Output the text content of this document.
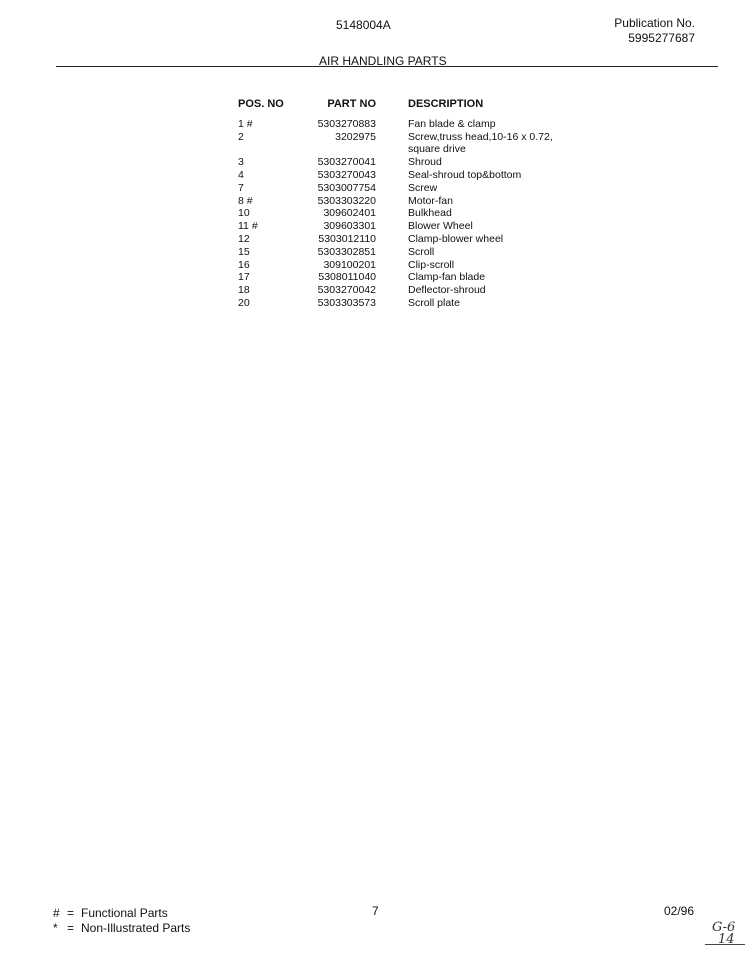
5148004A	Publication No.
5995277687
AIR HANDLING PARTS
POS. NO	PART NO	DESCRIPTION
1 #	5303270883	Fan blade & clamp

2	3202975	Screw,truss head,10-16 x 0.72,
square drive

3	5303270041	Shroud

4	5303270043	Seal-shroud top&bottom

7	5303007754	Screw

8 #	5303303220	Motor-fan

10	309602401	Bulkhead

11 #	309603301	Blower Wheel

12	5303012110	Clamp-blower wheel

15	5303302851	Scroll

16	309100201	Clip-scroll

17	5308011040	Clamp-fan blade

18	5303270042	Deflector-shroud

20	5303303573	Scroll plate
# = Functional Parts
* = Non-Illustrated Parts
7	02/96
G-6
14
